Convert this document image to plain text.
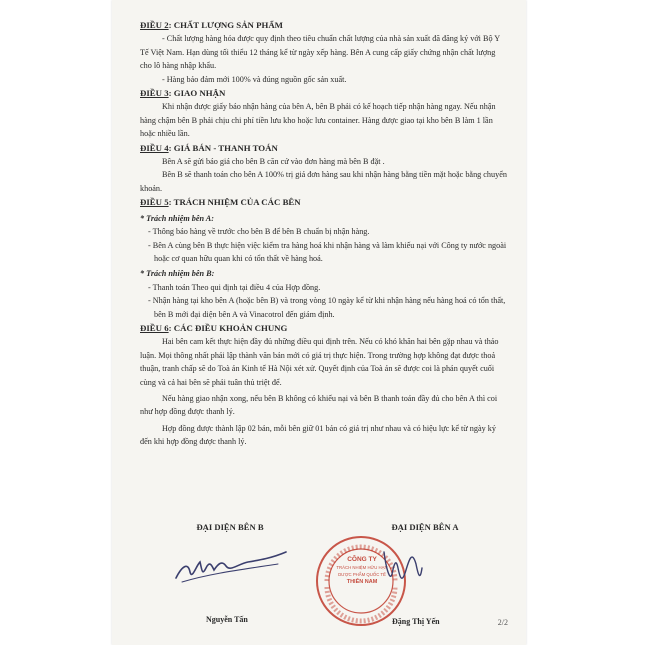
ĐIỀU 2: CHẤT LƯỢNG SẢN PHẨM

- Chất lượng hàng hóa được quy định theo tiêu chuẩn chất lượng của nhà sản xuất đã đăng ký với Bộ Y Tế Việt Nam. Hạn dùng tối thiểu 12 tháng kể từ ngày xếp hàng. Bên A cung cấp giấy chứng nhận chất lượng cho lô hàng nhập khẩu.

- Hàng bảo đảm mới 100% và đúng nguồn gốc sản xuất.

ĐIỀU 3: GIAO NHẬN

Khi nhận được giấy báo nhận hàng của bên A, bên B phải có kế hoạch tiếp nhận hàng ngay. Nếu nhận hàng chậm bên B phải chịu chi phí tiền lưu kho hoặc lưu container. Hàng được giao tại kho bên B làm 1 lần hoặc nhiều lần.

ĐIỀU 4: GIÁ BÁN - THANH TOÁN

Bên A sẽ gửi báo giá cho bên B căn cứ vào đơn hàng mà bên B đặt .

Bên B sẽ thanh toán cho bên A 100% trị giá đơn hàng sau khi nhận hàng bằng tiền mặt hoặc bằng chuyển khoản.

ĐIỀU 5: TRÁCH NHIỆM CỦA CÁC BÊN

* Trách nhiệm bên A:

- Thông báo hàng về trước cho bên B để bên B chuẩn bị nhận hàng.

- Bên A cùng bên B thực hiện việc kiểm tra hàng hoá khi nhận hàng và làm khiếu nại với Công ty nước ngoài hoặc cơ quan hữu quan khi có tổn thất về hàng hoá.

* Trách nhiệm bên B:

- Thanh toán Theo qui định tại điều 4 của Hợp đồng.

- Nhận hàng tại kho bên A (hoặc bên B) và trong vòng 10 ngày kể từ khi nhận hàng nếu hàng hoá có tổn thất, bên B mới đại diện bên A và Vinacotrol đến giám định.

ĐIỀU 6: CÁC ĐIỀU KHOẢN CHUNG

Hai bên cam kết thực hiện đầy đủ những điều qui định trên. Nếu có khó khăn hai bên gặp nhau và thảo luận. Mọi thông nhất phải lập thành văn bản mới có giá trị thực hiện. Trong trường hợp không đạt được thoả thuận, tranh chấp sẽ do Toà án Kinh tế Hà Nội xét xử. Quyết định của Toà án sẽ được coi là phán quyết cuối cùng và cả hai bên sẽ phải tuân thủ triệt để.

Nếu hàng giao nhận xong, nếu bên B không có khiếu nại và bên B thanh toán đầy đủ cho bên A thì coi như hợp đồng được thanh lý.

Hợp đồng được thành lập 02 bản, mỗi bên giữ 01 bản có giá trị như nhau và có hiệu lực kể từ ngày ký đến khi hợp đồng được thanh lý.

ĐẠI DIỆN BÊN B	ĐẠI DIỆN BÊN A
CÔNG TY
TRÁCH NHIỆM HỮU HẠN
DƯỢC PHẨM QUỐC TẾ
THIÊN NAM
Nguyễn Tấn	Đặng Thị Yến	2/2
